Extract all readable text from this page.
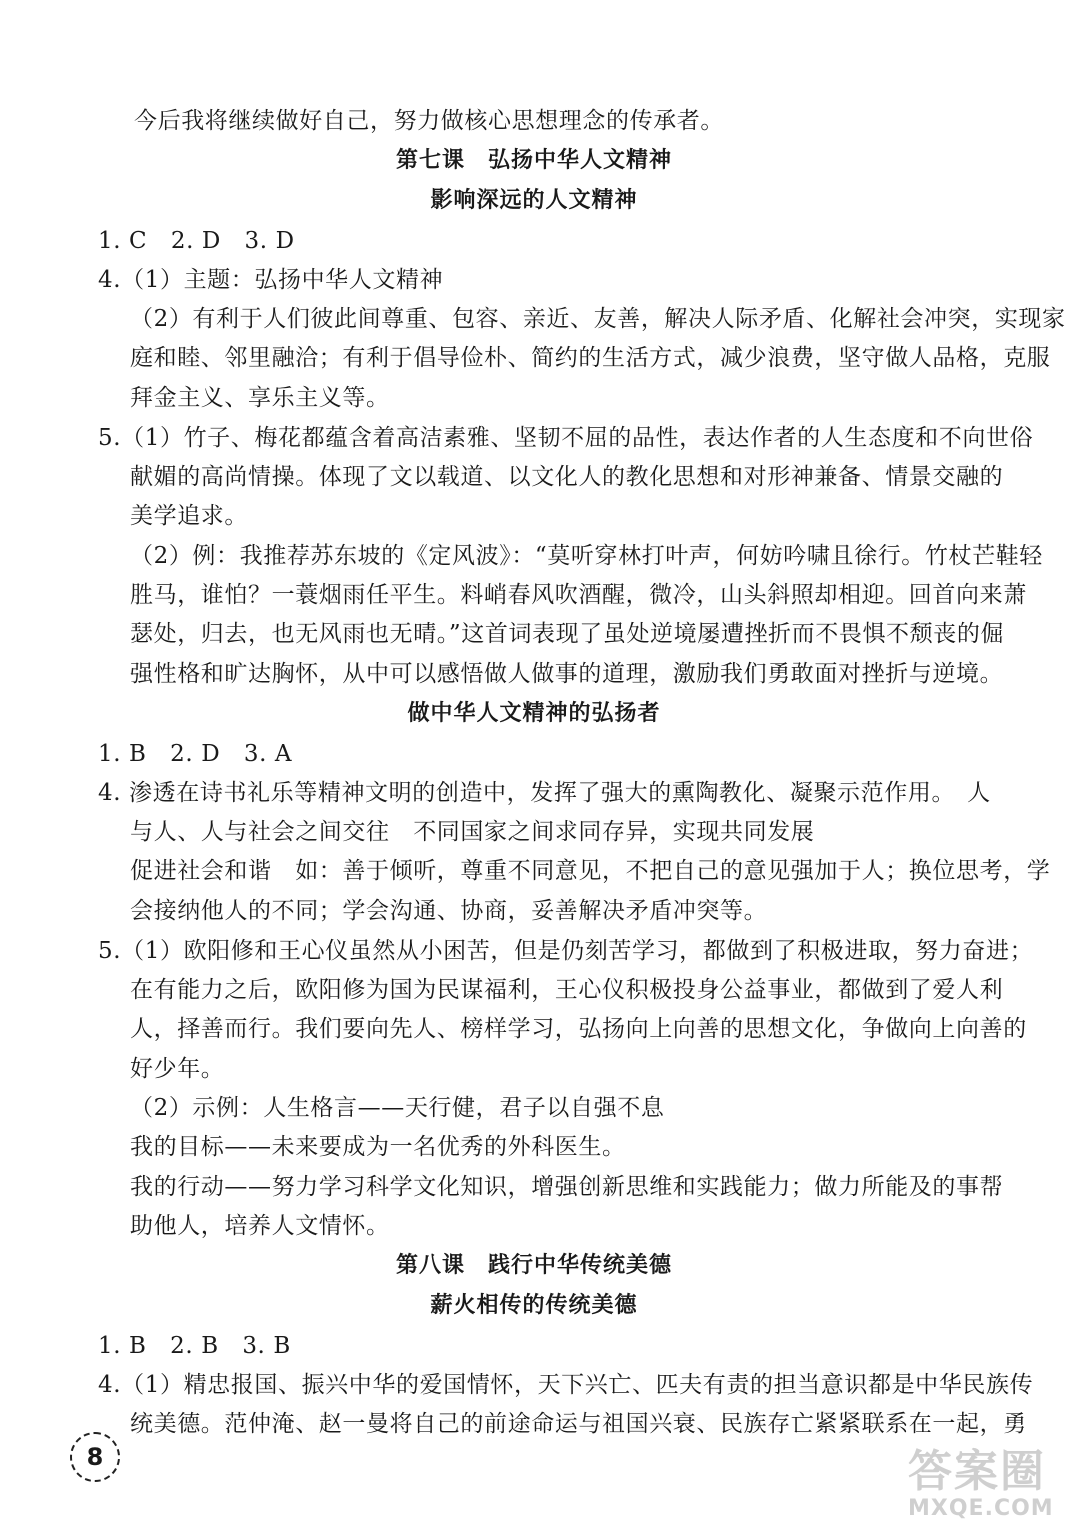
今后我将继续做好自己，努力做核心思想理念的传承者。
第七课　弘扬中华人文精神
影响深远的人文精神
1. C　2. D　3. D
4.（1）主题：弘扬中华人文精神
（2）有利于人们彼此间尊重、包容、亲近、友善，解决人际矛盾、化解社会冲突，实现家
庭和睦、邻里融洽；有利于倡导俭朴、简约的生活方式，减少浪费，坚守做人品格，克服
拜金主义、享乐主义等。
5.（1）竹子、梅花都蕴含着高洁素雅、坚韧不屈的品性，表达作者的人生态度和不向世俗
献媚的高尚情操。体现了文以载道、以文化人的教化思想和对形神兼备、情景交融的
美学追求。
（2）例：我推荐苏东坡的《定风波》：“莫听穿林打叶声，何妨吟啸且徐行。竹杖芒鞋轻
胜马，谁怕？一蓑烟雨任平生。料峭春风吹酒醒，微冷，山头斜照却相迎。回首向来萧
瑟处，归去，也无风雨也无晴。”这首词表现了虽处逆境屡遭挫折而不畏惧不颓丧的倔
强性格和旷达胸怀，从中可以感悟做人做事的道理，激励我们勇敢面对挫折与逆境。
做中华人文精神的弘扬者
1. B　2. D　3. A
4. 渗透在诗书礼乐等精神文明的创造中，发挥了强大的熏陶教化、凝聚示范作用。　人
与人、人与社会之间交往　不同国家之间求同存异，实现共同发展
促进社会和谐　如：善于倾听，尊重不同意见，不把自己的意见强加于人；换位思考，学
会接纳他人的不同；学会沟通、协商，妥善解决矛盾冲突等。
5.（1）欧阳修和王心仪虽然从小困苦，但是仍刻苦学习，都做到了积极进取，努力奋进；
在有能力之后，欧阳修为国为民谋福利，王心仪积极投身公益事业，都做到了爱人利
人，择善而行。我们要向先人、榜样学习，弘扬向上向善的思想文化，争做向上向善的
好少年。
（2）示例：人生格言——天行健，君子以自强不息
我的目标——未来要成为一名优秀的外科医生。
我的行动——努力学习科学文化知识，增强创新思维和实践能力；做力所能及的事帮
助他人，培养人文情怀。
第八课　践行中华传统美德
薪火相传的传统美德
1. B　2. B　3. B
4.（1）精忠报国、振兴中华的爱国情怀，天下兴亡、匹夫有责的担当意识都是中华民族传
统美德。范仲淹、赵一曼将自己的前途命运与祖国兴衰、民族存亡紧紧联系在一起，勇
8	答案圈
MXQE.COM
